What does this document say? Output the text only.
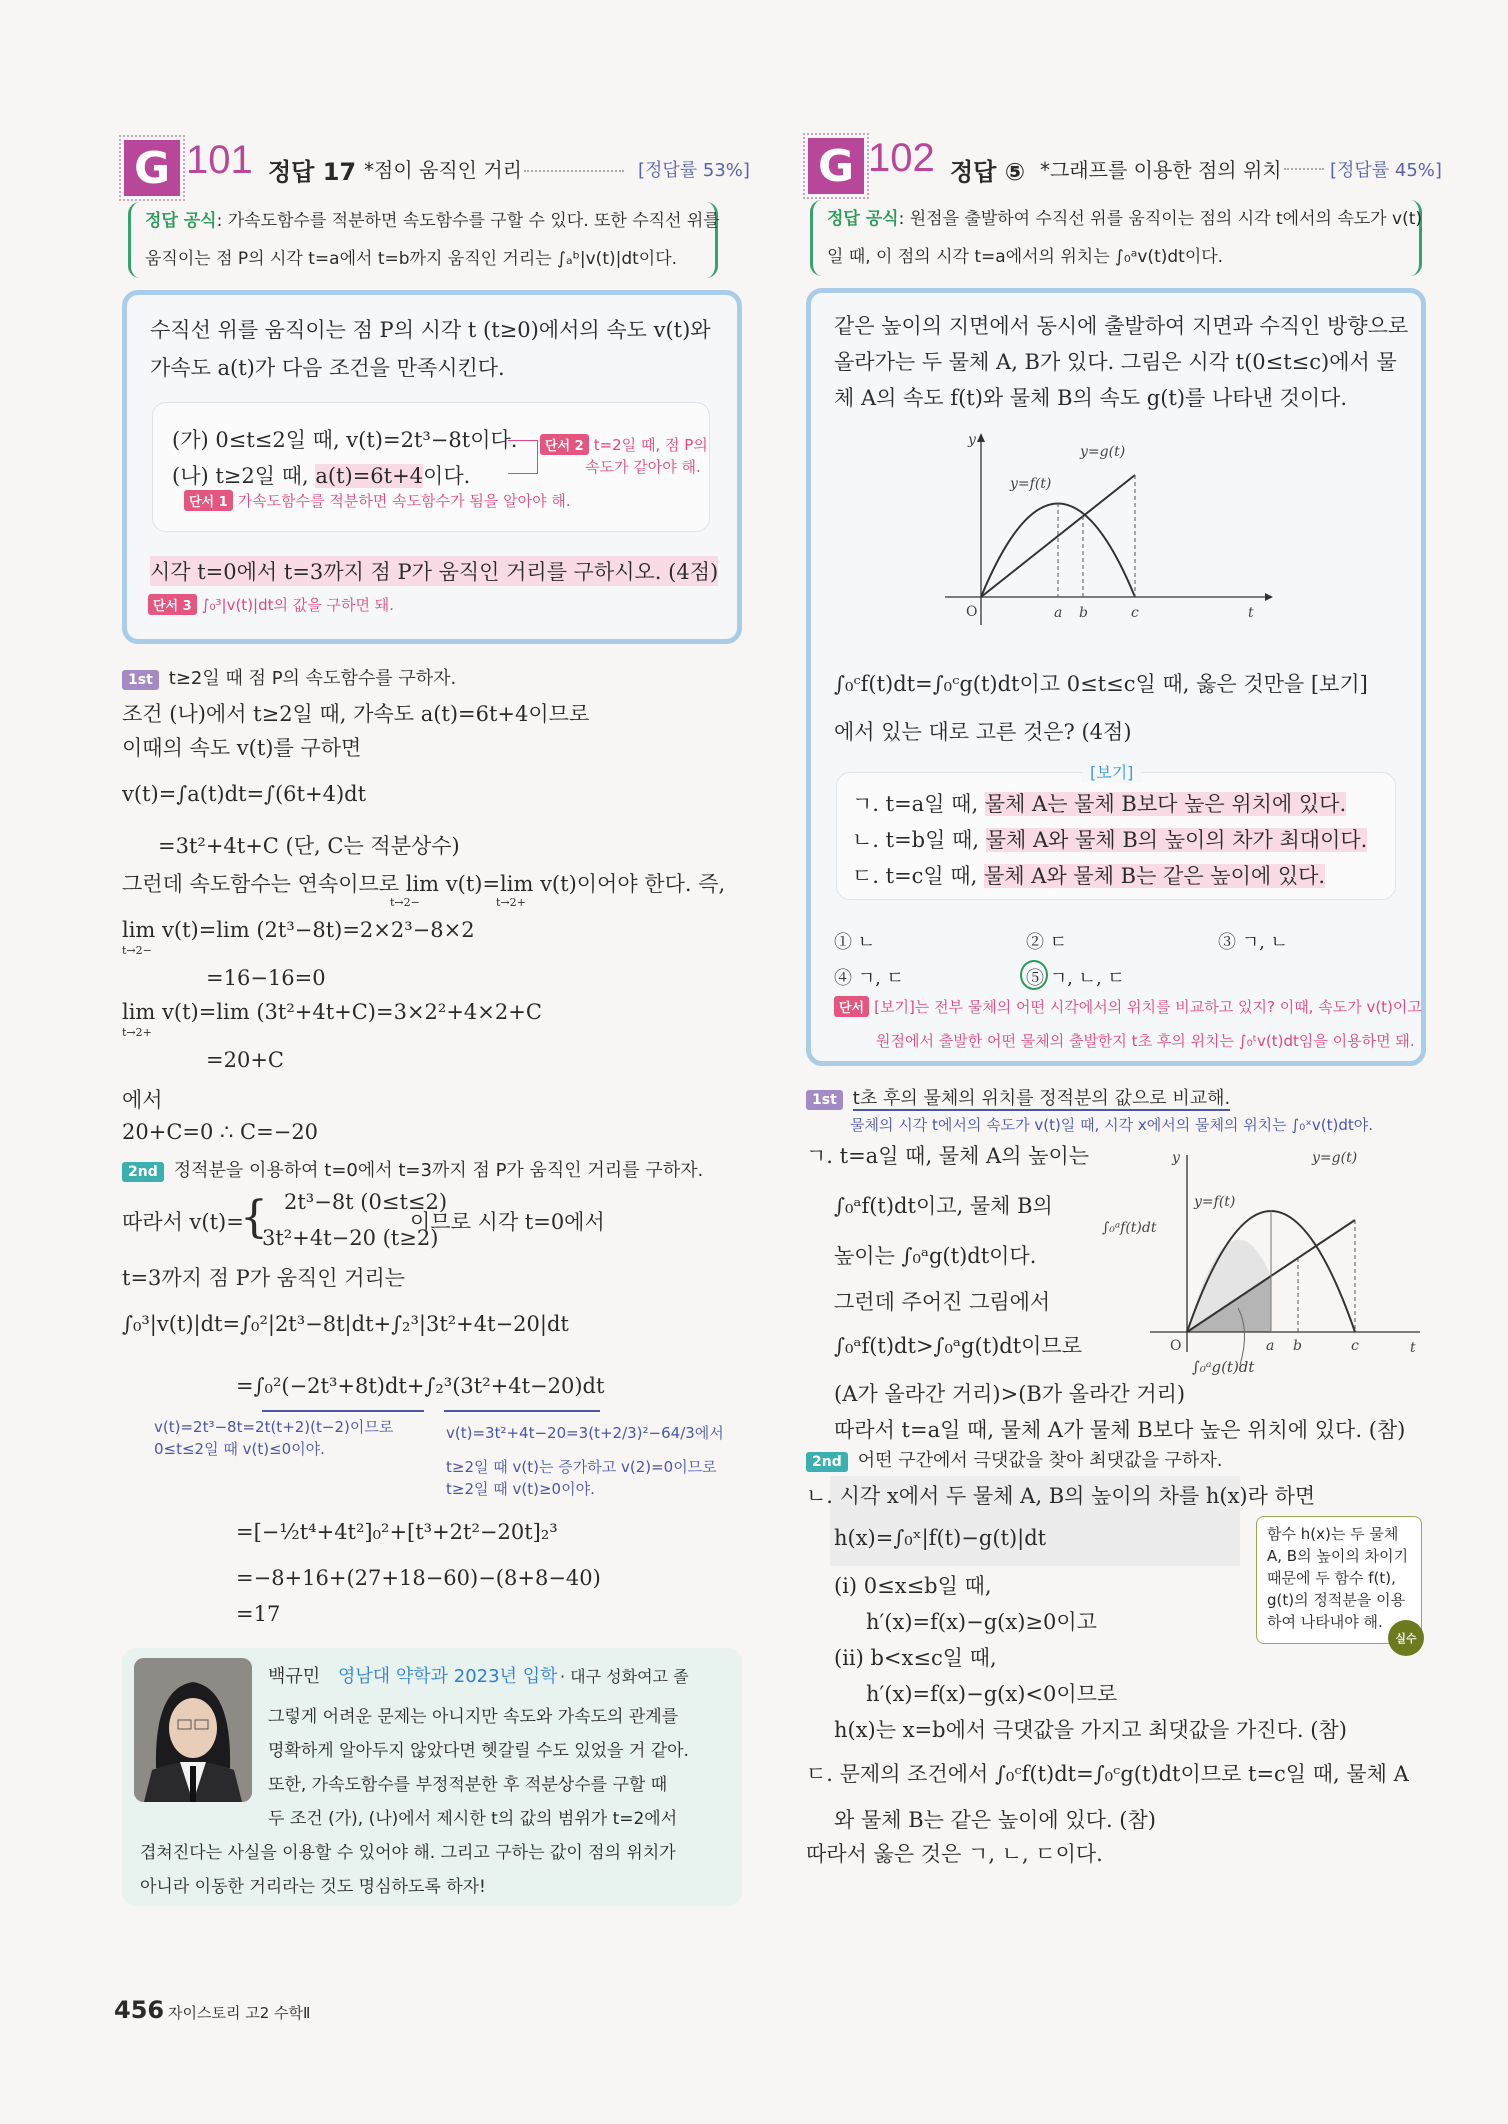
G 101 정답 17 *점이 움직인 거리	[정답률 53%]
정답 공식: 가속도함수를 적분하면 속도함수를 구할 수 있다. 또한 수직선 위를
움직이는 점 P의 시각 t=a에서 t=b까지 움직인 거리는 ∫ₐᵇ|v(t)|dt이다.
수직선 위를 움직이는 점 P의 시각 t (t≥0)에서의 속도 v(t)와
가속도 a(t)가 다음 조건을 만족시킨다.
(가) 0≤t≤2일 때, v(t)=2t³−8t이다.
(나) t≥2일 때, a(t)=6t+4이다.
단서 2 t=2일 때, 점 P의
속도가 같아야 해.
단서 1 가속도함수를 적분하면 속도함수가 됨을 알아야 해.
시각 t=0에서 t=3까지 점 P가 움직인 거리를 구하시오. (4점)
단서 3 ∫₀³|v(t)|dt의 값을 구하면 돼.
1st t≥2일 때 점 P의 속도함수를 구하자.
조건 (나)에서 t≥2일 때, 가속도 a(t)=6t+4이므로
이때의 속도 v(t)를 구하면
v(t)=∫a(t)dt=∫(6t+4)dt
=3t²+4t+C (단, C는 적분상수)
그런데 속도함수는 연속이므로 lim v(t)=lim v(t)이어야 한다. 즉,
t→2−	t→2+
lim v(t)=lim (2t³−8t)=2×2³−8×2
t→2−
=16−16=0
lim v(t)=lim (3t²+4t+C)=3×2²+4×2+C
t→2+
=20+C
에서
20+C=0 ∴ C=−20
2nd 정적분을 이용하여 t=0에서 t=3까지 점 P가 움직인 거리를 구하자.
따라서 v(t)=
{ 2t³−8t (0≤t≤2)
3t²+4t−20 (t≥2)
이므로 시각 t=0에서
t=3까지 점 P가 움직인 거리는
∫₀³|v(t)|dt=∫₀²|2t³−8t|dt+∫₂³|3t²+4t−20|dt
=∫₀²(−2t³+8t)dt+∫₂³(3t²+4t−20)dt
v(t)=2t³−8t=2t(t+2)(t−2)이므로
0≤t≤2일 때 v(t)≤0이야.
v(t)=3t²+4t−20=3(t+2/3)²−64/3에서
t≥2일 때 v(t)는 증가하고 v(2)=0이므로
t≥2일 때 v(t)≥0이야.
=[−½t⁴+4t²]₀²+[t³+2t²−20t]₂³
=−8+16+(27+18−60)−(8+8−40)
=17
백규민 영남대 약학과 2023년 입학 · 대구 성화여고 졸
그렇게 어려운 문제는 아니지만 속도와 가속도의 관계를
명확하게 알아두지 않았다면 헷갈릴 수도 있었을 거 같아.
또한, 가속도함수를 부정적분한 후 적분상수를 구할 때
두 조건 (가), (나)에서 제시한 t의 값의 범위가 t=2에서
겹쳐진다는 사실을 이용할 수 있어야 해. 그리고 구하는 값이 점의 위치가
아니라 이동한 거리라는 것도 명심하도록 하자!
G 102 정답 ⑤ *그래프를 이용한 점의 위치	[정답률 45%]
정답 공식: 원점을 출발하여 수직선 위를 움직이는 점의 시각 t에서의 속도가 v(t)
일 때, 이 점의 시각 t=a에서의 위치는 ∫₀ᵃv(t)dt이다.
같은 높이의 지면에서 동시에 출발하여 지면과 수직인 방향으로
올라가는 두 물체 A, B가 있다. 그림은 시각 t(0≤t≤c)에서 물
체 A의 속도 f(t)와 물체 B의 속도 g(t)를 나타낸 것이다.
y
t
O	a b	c
y=f(t)
y=g(t)
∫₀ᶜf(t)dt=∫₀ᶜg(t)dt이고 0≤t≤c일 때, 옳은 것만을 [보기]
에서 있는 대로 고른 것은? (4점)
[보기]
ㄱ. t=a일 때, 물체 A는 물체 B보다 높은 위치에 있다.
ㄴ. t=b일 때, 물체 A와 물체 B의 높이의 차가 최대이다.
ㄷ. t=c일 때, 물체 A와 물체 B는 같은 높이에 있다.
① ㄴ	② ㄷ	③ ㄱ, ㄴ
④ ㄱ, ㄷ	⑤ ㄱ, ㄴ, ㄷ
단서 [보기]는 전부 물체의 어떤 시각에서의 위치를 비교하고 있지? 이때, 속도가 v(t)이고
원점에서 출발한 어떤 물체의 출발한지 t초 후의 위치는 ∫₀ᵗv(t)dt임을 이용하면 돼.
1st t초 후의 물체의 위치를 정적분의 값으로 비교해.
물체의 시각 t에서의 속도가 v(t)일 때, 시각 x에서의 물체의 위치는 ∫₀ˣv(t)dt야.
ㄱ. t=a일 때, 물체 A의 높이는
∫₀ᵃf(t)dt이고, 물체 B의
높이는 ∫₀ᵃg(t)dt이다.
그런데 주어진 그림에서
∫₀ᵃf(t)dt>∫₀ᵃg(t)dt이므로
(A가 올라간 거리)>(B가 올라간 거리)
따라서 t=a일 때, 물체 A가 물체 B보다 높은 위치에 있다. (참)
y
t
O	a b	c
y=f(t)
y=g(t)
∫₀ᵃf(t)dt
∫₀ᵃg(t)dt
2nd 어떤 구간에서 극댓값을 찾아 최댓값을 구하자.
ㄴ. 시각 x에서 두 물체 A, B의 높이의 차를 h(x)라 하면
h(x)=∫₀ˣ|f(t)−g(t)|dt
(i) 0≤x≤b일 때,
h′(x)=f(x)−g(x)≥0이고
(ii) b<x≤c일 때,
h′(x)=f(x)−g(x)<0이므로
h(x)는 x=b에서 극댓값을 가지고 최댓값을 가진다. (참)
함수 h(x)는 두 물체 A, B의 높이의 차이기 때문에 두 함수 f(t), g(t)의 정적분을 이용하여 나타내야 해.
실수
ㄷ. 문제의 조건에서 ∫₀ᶜf(t)dt=∫₀ᶜg(t)dt이므로 t=c일 때, 물체 A
와 물체 B는 같은 높이에 있다. (참)
따라서 옳은 것은 ㄱ, ㄴ, ㄷ이다.
456 자이스토리 고2 수학Ⅱ
